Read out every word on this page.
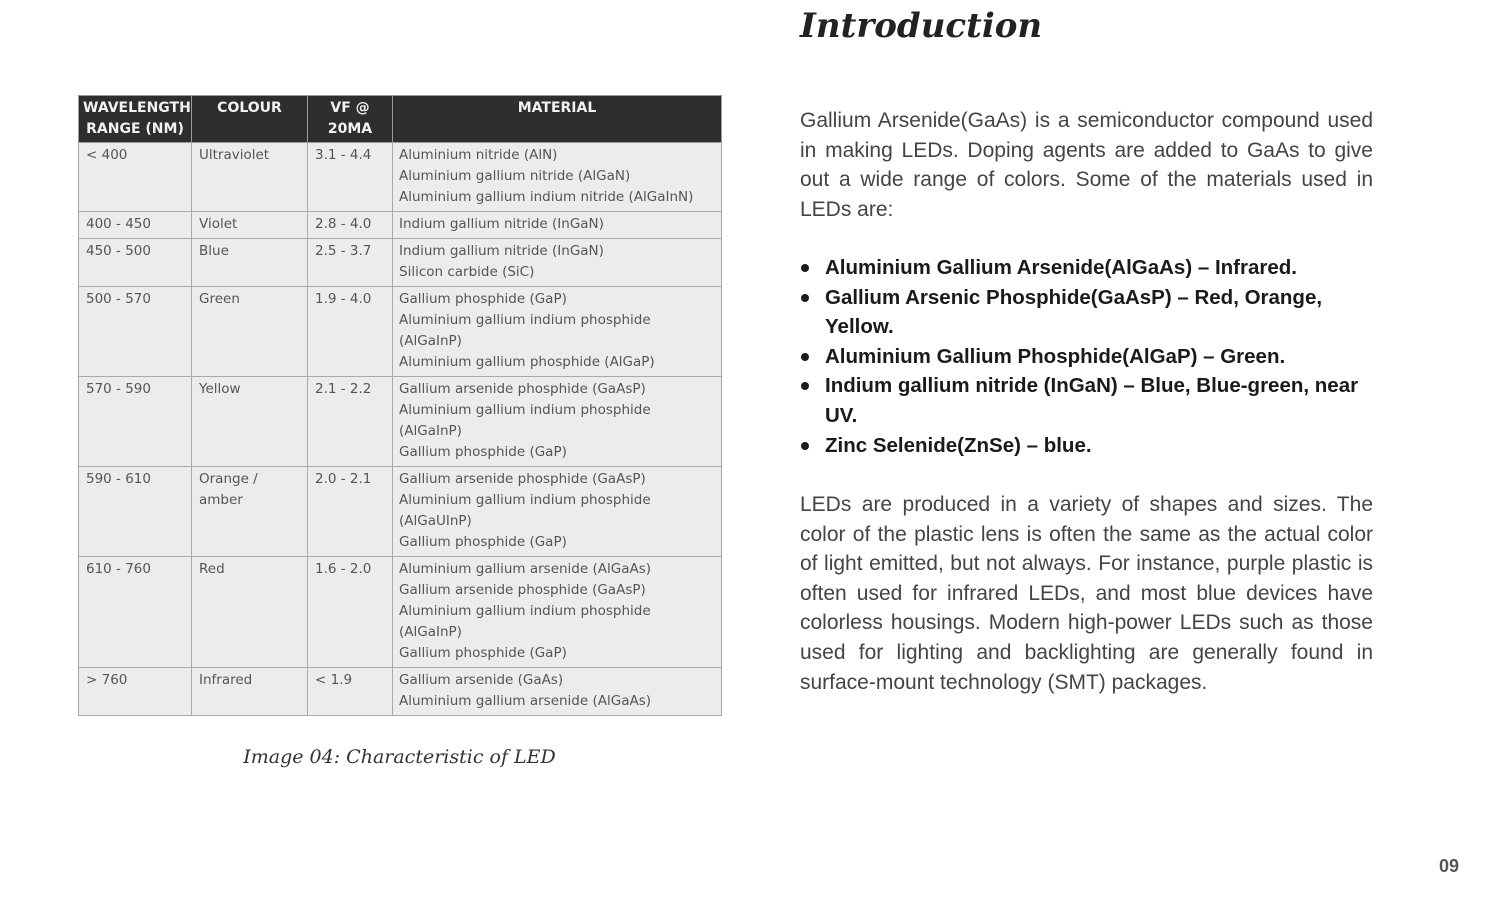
WAVELENGTH RANGE (NM)	COLOUR	VF @ 20MA	MATERIAL
< 400	Ultraviolet	3.1 - 4.4	Aluminium nitride (AlN)
Aluminium gallium nitride (AlGaN)
Aluminium gallium indium nitride (AlGaInN)

400 - 450	Violet	2.8 - 4.0	Indium gallium nitride (InGaN)

450 - 500	Blue	2.5 - 3.7	Indium gallium nitride (InGaN)
Silicon carbide (SiC)

500 - 570	Green	1.9 - 4.0	Gallium phosphide (GaP)
Aluminium gallium indium phosphide
(AlGaInP)
Aluminium gallium phosphide (AlGaP)

570 - 590	Yellow	2.1 - 2.2	Gallium arsenide phosphide (GaAsP)
Aluminium gallium indium phosphide
(AlGaInP)
Gallium phosphide (GaP)

590 - 610	Orange / amber	2.0 - 2.1	Gallium arsenide phosphide (GaAsP)
Aluminium gallium indium phosphide
(AlGaUInP)
Gallium phosphide (GaP)

610 - 760	Red	1.6 - 2.0	Aluminium gallium arsenide (AlGaAs)
Gallium arsenide phosphide (GaAsP)
Aluminium gallium indium phosphide
(AlGaInP)
Gallium phosphide (GaP)

> 760	Infrared	< 1.9	Gallium arsenide (GaAs)
Aluminium gallium arsenide (AlGaAs)
Image 04: Characteristic of LED
Introduction

Gallium Arsenide(GaAs) is a semiconductor compound used in making LEDs. Doping agents are added to GaAs to give out a wide range of colors. Some of the materials used in LEDs are:

Aluminium Gallium Arsenide(AlGaAs) – Infrared.
Gallium Arsenic Phosphide(GaAsP) – Red, Orange, Yellow.
Aluminium Gallium Phosphide(AlGaP) – Green.
Indium gallium nitride (InGaN) – Blue, Blue-green, near UV.
Zinc Selenide(ZnSe) – blue.

LEDs are produced in a variety of shapes and sizes. The color of the plastic lens is often the same as the actual color of light emitted, but not always. For instance, purple plastic is often used for infrared LEDs, and most blue devices have colorless housings. Modern high-power LEDs such as those used for lighting and backlighting are generally found in surface-mount technology (SMT) packages.

09
